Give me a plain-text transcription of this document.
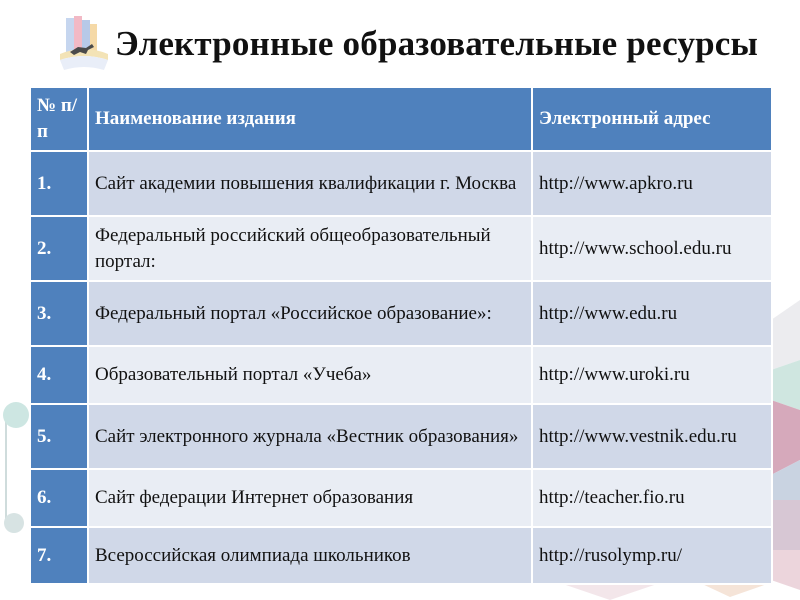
Электронные образовательные ресурсы
№ п/п	Наименование издания	Электронный адрес
1.	Сайт академии повышения квалификации г. Москва	http://www.apkro.ru
2.	Федеральный российский общеобразовательный портал:	http://www.school.edu.ru
3.	Федеральный портал «Российское образование»:	http://www.edu.ru
4.	Образовательный портал «Учеба»	http://www.uroki.ru
5.	Сайт электронного журнала «Вестник образования»	http://www.vestnik.edu.ru
6.	Сайт федерации Интернет образования	http://teacher.fio.ru
7.	Всероссийская олимпиада школьников	http://rusolymp.ru/
